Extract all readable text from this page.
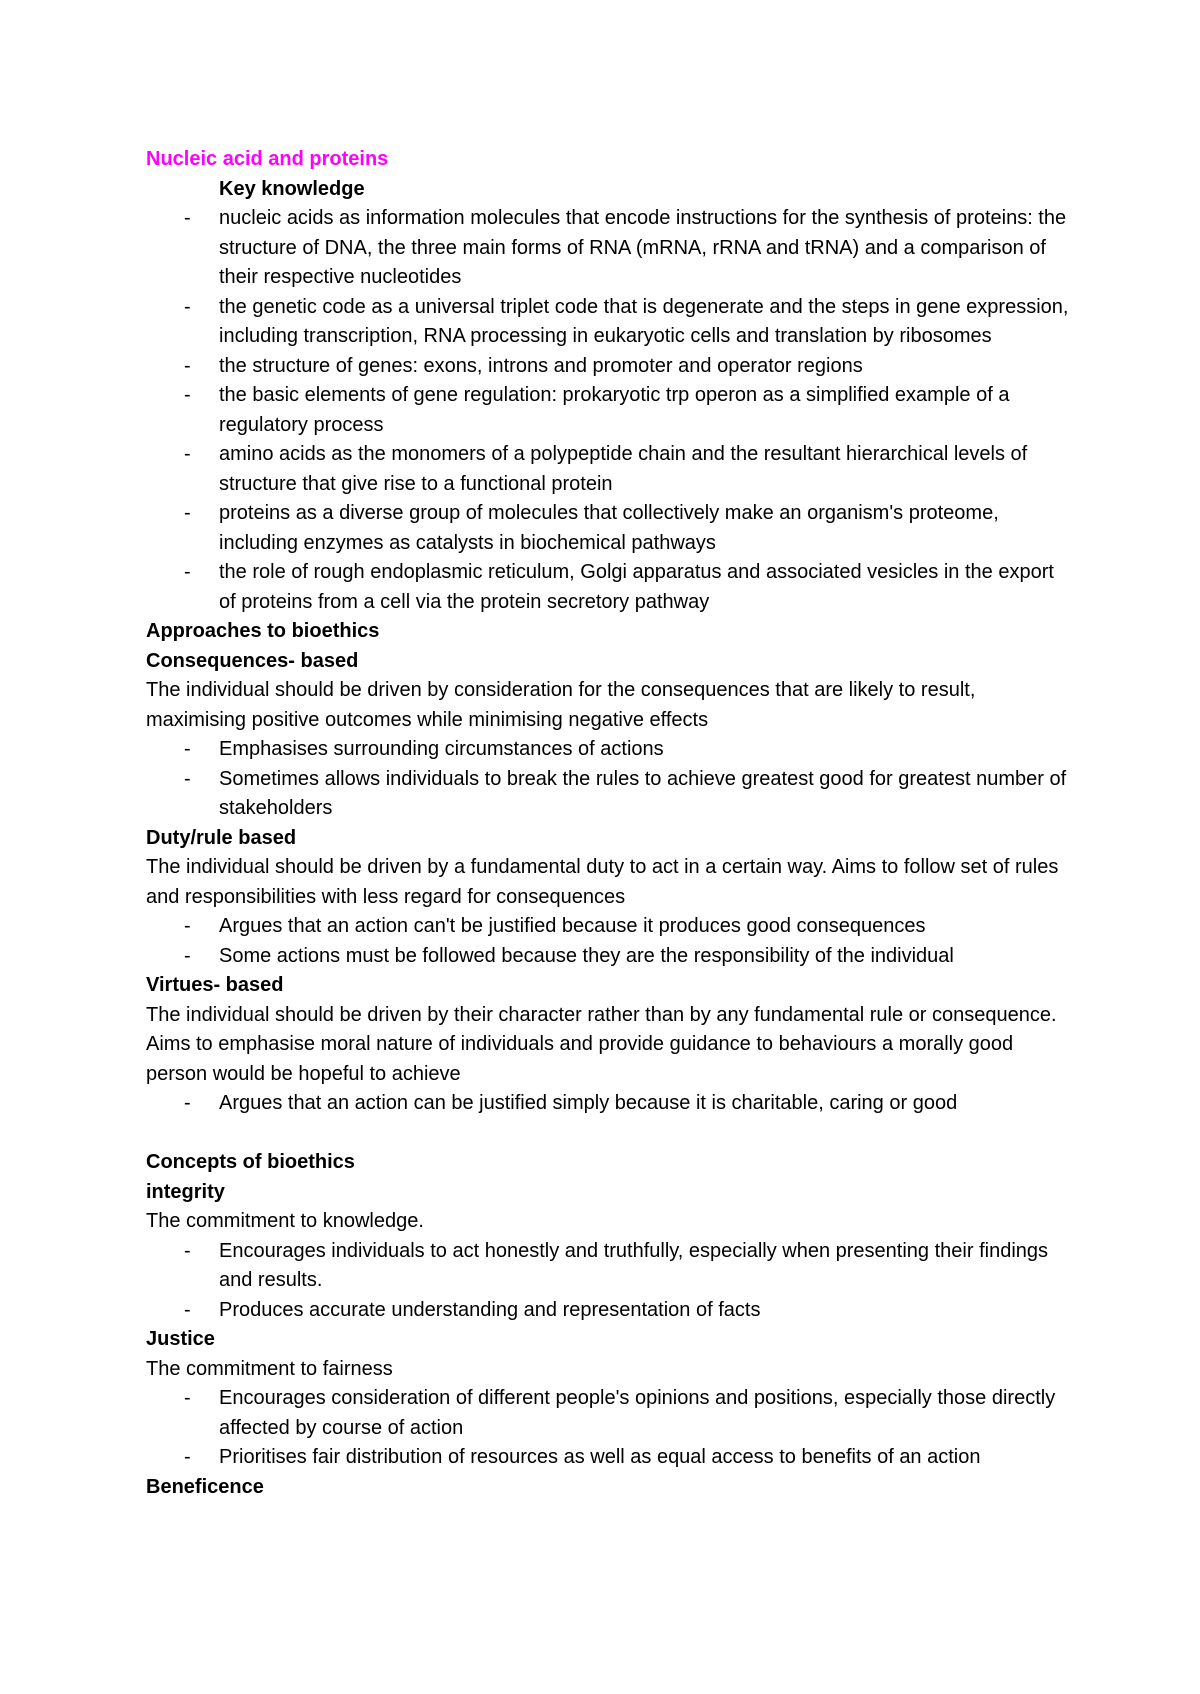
Nucleic acid and proteins
Key knowledge
- nucleic acids as information molecules that encode instructions for the synthesis of proteins: the structure of DNA, the three main forms of RNA (mRNA, rRNA and tRNA) and a comparison of their respective nucleotides
- the genetic code as a universal triplet code that is degenerate and the steps in gene expression, including transcription, RNA processing in eukaryotic cells and translation by ribosomes
- the structure of genes: exons, introns and promoter and operator regions
- the basic elements of gene regulation: prokaryotic trp operon as a simplified example of a regulatory process
- amino acids as the monomers of a polypeptide chain and the resultant hierarchical levels of structure that give rise to a functional protein
- proteins as a diverse group of molecules that collectively make an organism's proteome, including enzymes as catalysts in biochemical pathways
- the role of rough endoplasmic reticulum, Golgi apparatus and associated vesicles in the export of proteins from a cell via the protein secretory pathway
Approaches to bioethics
Consequences- based
The individual should be driven by consideration for the consequences that are likely to result, maximising positive outcomes while minimising negative effects
- Emphasises surrounding circumstances of actions
- Sometimes allows individuals to break the rules to achieve greatest good for greatest number of stakeholders
Duty/rule based
The individual should be driven by a fundamental duty to act in a certain way. Aims to follow set of rules and responsibilities with less regard for consequences
- Argues that an action can't be justified because it produces good consequences
- Some actions must be followed because they are the responsibility of the individual
Virtues- based
The individual should be driven by their character rather than by any fundamental rule or consequence. Aims to emphasise moral nature of individuals and provide guidance to behaviours a morally good person would be hopeful to achieve
- Argues that an action can be justified simply because it is charitable, caring or good
Concepts of bioethics
integrity
The commitment to knowledge.
- Encourages individuals to act honestly and truthfully, especially when presenting their findings and results.
- Produces accurate understanding and representation of facts
Justice
The commitment to fairness
- Encourages consideration of different people's opinions and positions, especially those directly affected by course of action
- Prioritises fair distribution of resources as well as equal access to benefits of an action
Beneficence
